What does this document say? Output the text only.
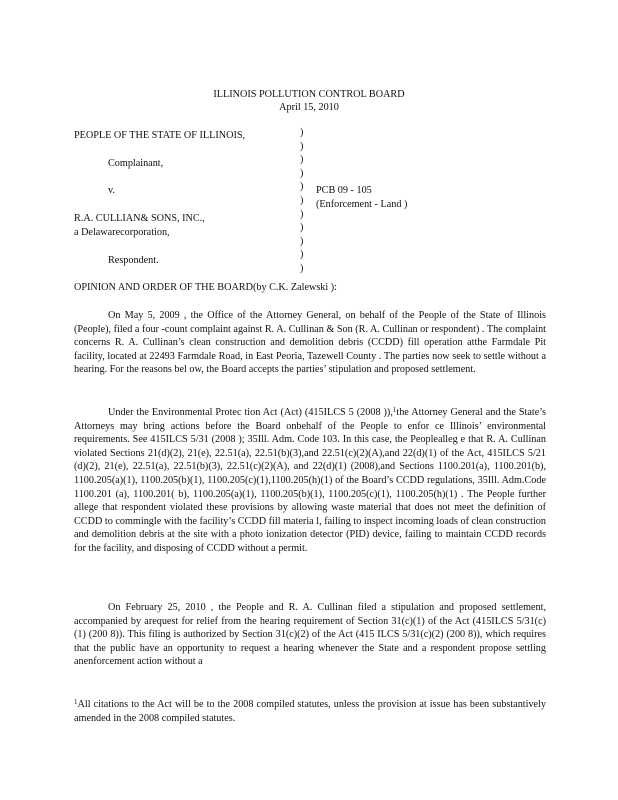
ILLINOIS POLLUTION CONTROL BOARD
April 15, 2010
PEOPLE OF THE STATE OF ILLINOIS,
Complainant,
v.	PCB 09 - 105
(Enforcement - Land )
R.A. CULLIAN& SONS, INC.,
a Delawarecorporation,
Respondent.
)
)
)
)
)
)
)
)
)
)
)
OPINION AND ORDER OF THE BOARD(by C.K. Zalewski ):
On May 5, 2009 , the Office of the Attorney General, on behalf of the People of the State of Illinois (People), filed a four -count complaint against R. A. Cullinan & Son (R. A. Cullinan or respondent) . The complaint concerns R. A. Cullinan’s clean construction and demolition debris (CCDD) fill operation atthe Farmdale Pit facility, located at 22493 Farmdale Road, in East Peoria, Tazewell County . The parties now seek to settle without a hearing. For the reasons bel ow, the Board accepts the parties’ stipulation and proposed settlement.
Under the Environmental Protec tion Act (Act) (415ILCS 5 (2008 )),$^1$the Attorney General and the State’s Attorneys may bring actions before the Board onbehalf of the People to enfor ce Illinois’ environmental requirements. See 415ILCS 5/31 (2008 ); 35Ill. Adm. Code 103. In this case, the Peoplealleg e that R. A. Cullinan violated Sections 21(d)(2), 21(e), 22.51(a), 22.51(b)(3),and 22.51(c)(2)(A),and 22(d)(1) of the Act, 415ILCS 5/21 (d)(2), 21(e), 22.51(a), 22.51(b)(3), 22.51(c)(2)(A), and 22(d)(1) (2008),and Sections 1100.201(a), 1100.201(b), 1100.205(a)(1), 1100.205(b)(1), 1100.205(c)(1),1100.205(h)(1) of the Board’s CCDD regulations, 35Ill. Adm.Code 1100.201 (a), 1100.201( b), 1100.205(a)(1), 1100.205(b)(1), 1100.205(c)(1), 1100.205(h)(1) . The People further allege that respondent violated these provisions by allowing waste material that does not meet the definition of CCDD to commingle with the facility’s CCDD fill materia l, failing to inspect incoming loads of clean construction and demolition debris at the site with a photo ionization detector (PID) device, failing to maintain CCDD records for the facility, and disposing of CCDD without a permit.
On February 25, 2010 , the People and R. A. Cullinan filed a stipulation and proposed settlement, accompanied by arequest for relief from the hearing requirement of Section 31(c)(1) of the Act (415ILCS 5/31(c)(1) (200 8)). This filing is authorized by Section 31(c)(2) of the Act (415 ILCS 5/31(c)(2) (200 8)), which requires that the public have an opportunity to request a hearing whenever the State and a respondent propose settling anenforcement action without a
$^1$All citations to the Act will be to the 2008 compiled statutes, unless the provision at issue has been substantively amended in the 2008 compiled statutes.
